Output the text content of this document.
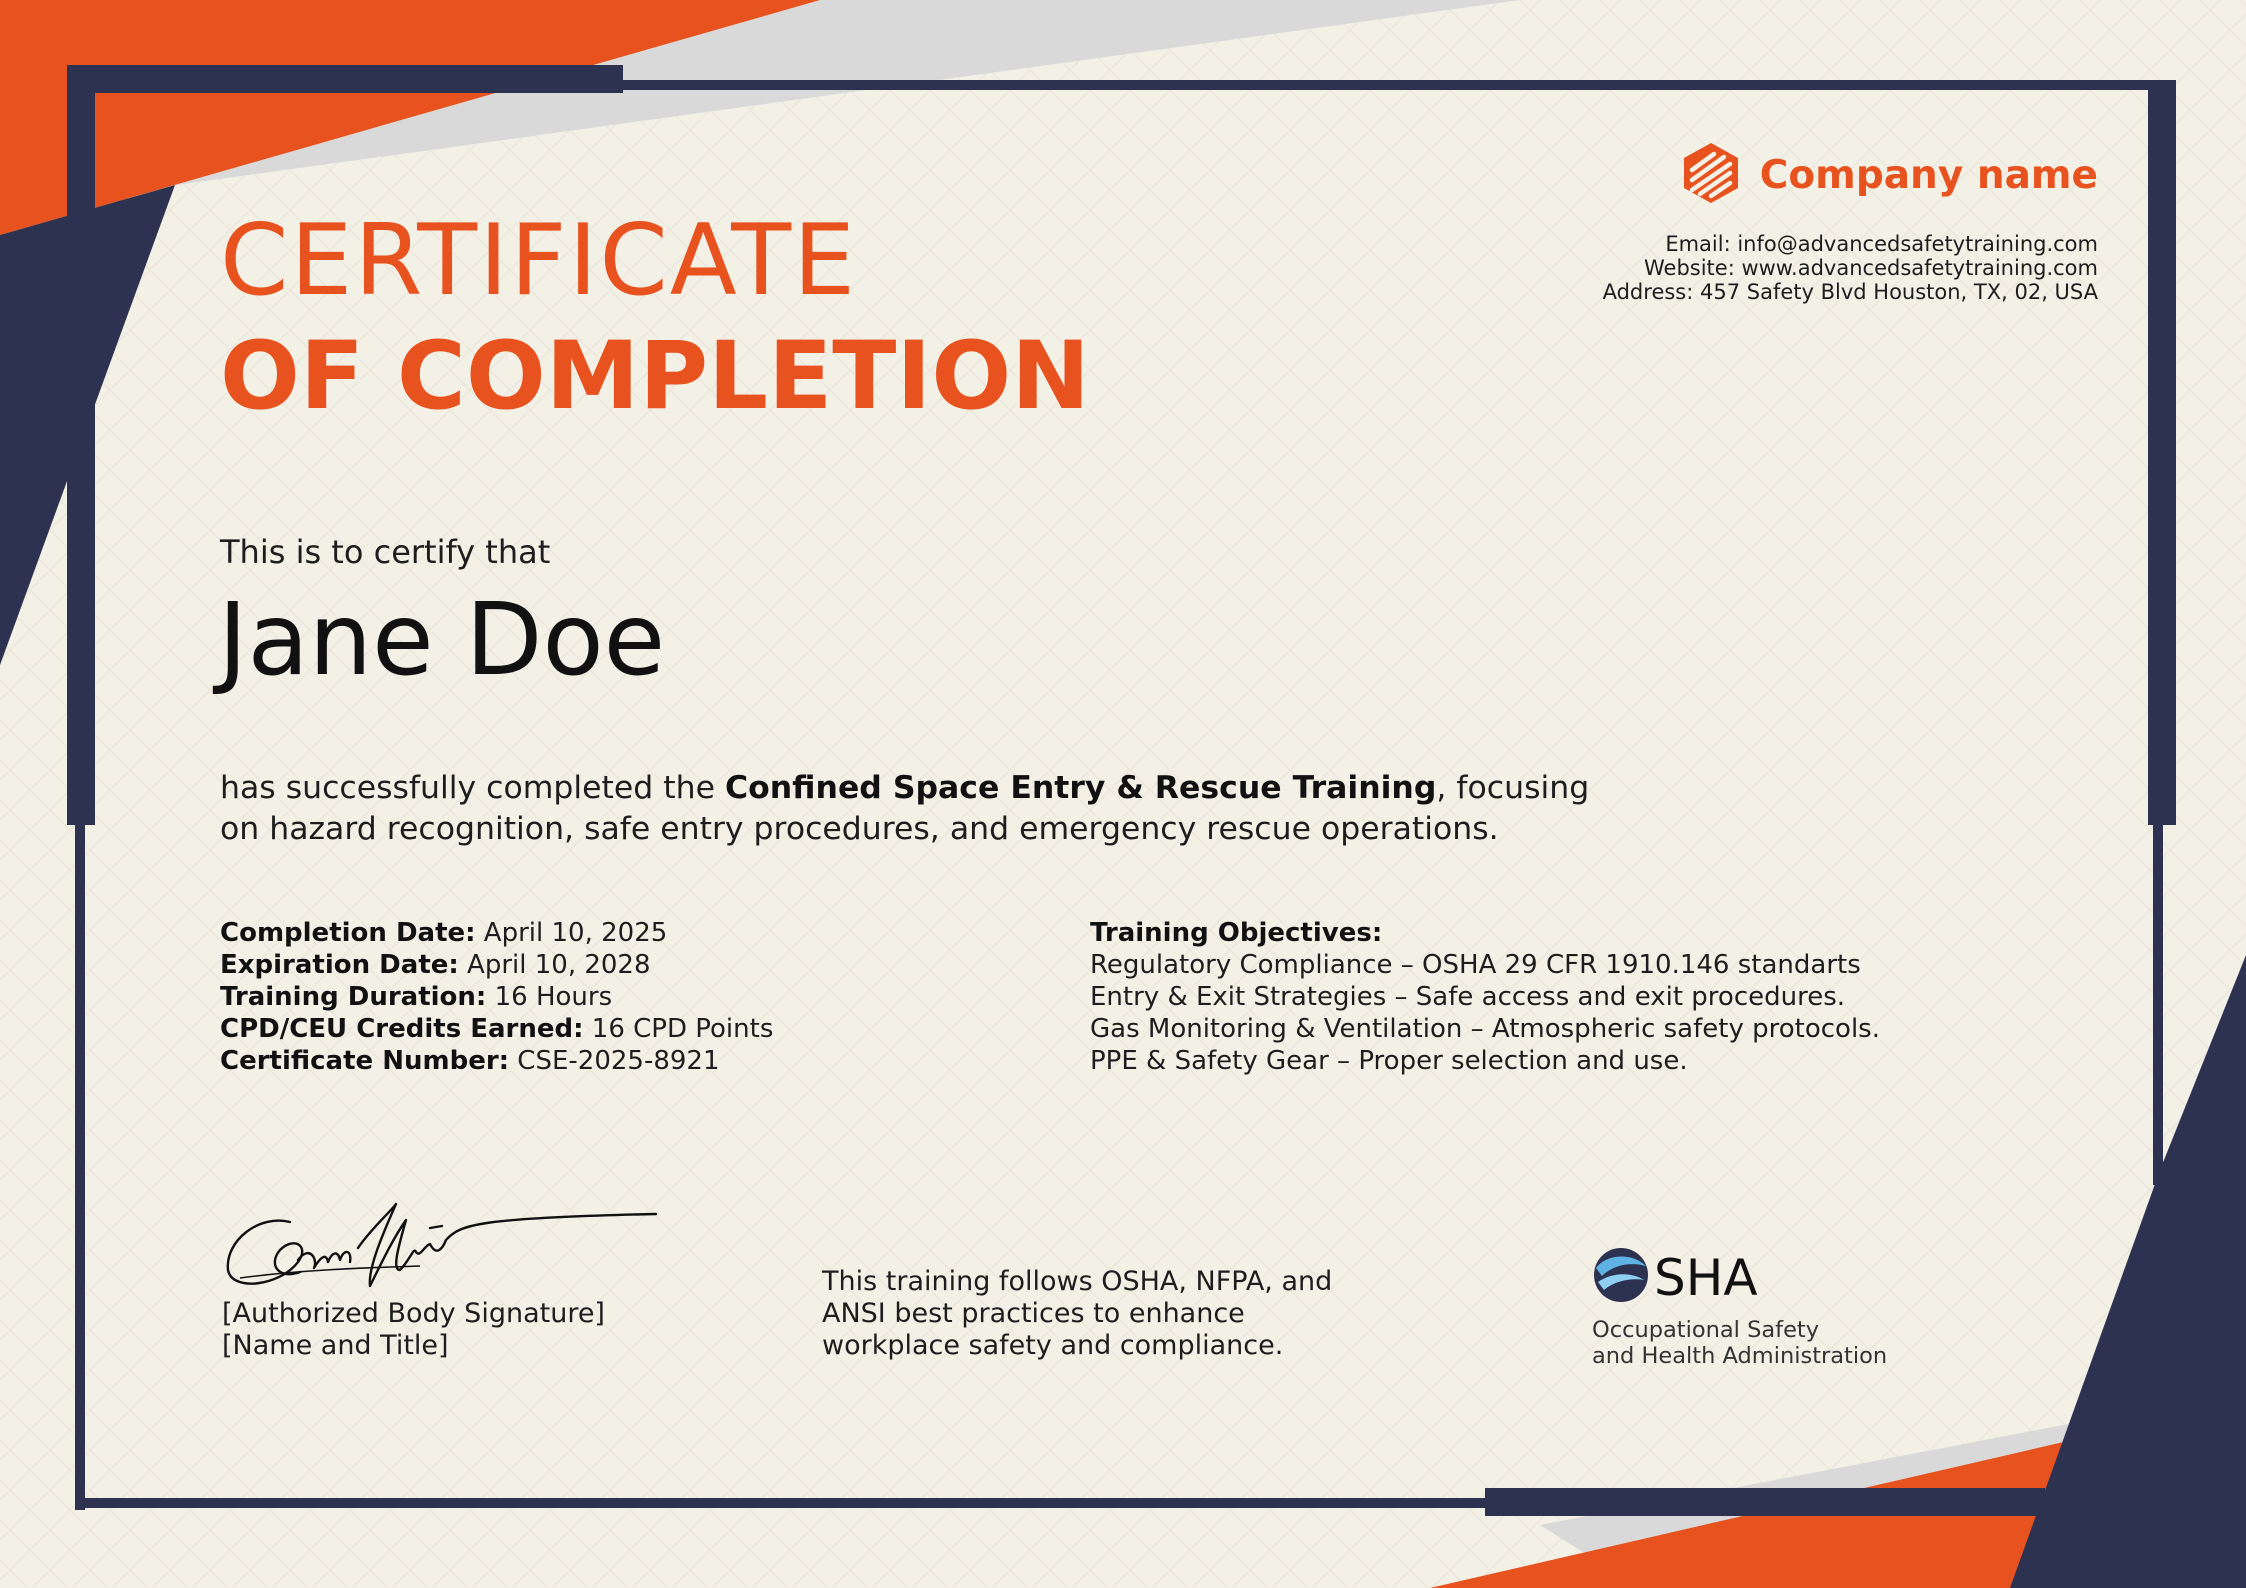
CERTIFICATE
OF COMPLETION
Company name
Email: info@advancedsafetytraining.com
Website: www.advancedsafetytraining.com
Address: 457 Safety Blvd Houston, TX, 02, USA
This is to certify that
Jane Doe
has successfully completed the Confined Space Entry & Rescue Training, focusing on hazard recognition, safe entry procedures, and emergency rescue operations.
Completion Date: April 10, 2025
Expiration Date: April 10, 2028
Training Duration: 16 Hours
CPD/CEU Credits Earned: 16 CPD Points
Certificate Number: CSE-2025-8921
Training Objectives:
Regulatory Compliance – OSHA 29 CFR 1910.146 standarts
Entry & Exit Strategies – Safe access and exit procedures.
Gas Monitoring & Ventilation – Atmospheric safety protocols.
PPE & Safety Gear – Proper selection and use.
[Authorized Body Signature]
[Name and Title]
This training follows OSHA, NFPA, and ANSI best practices to enhance workplace safety and compliance.
SHA
Occupational Safety
and Health Administration
